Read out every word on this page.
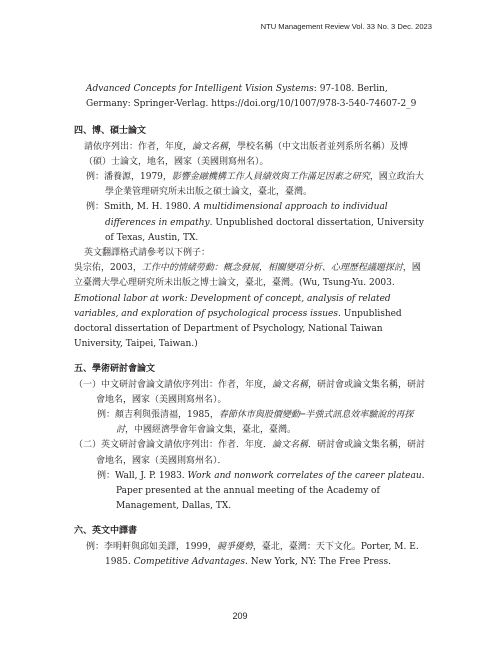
NTU Management Review Vol. 33 No. 3 Dec. 2023

Advanced Concepts for Intelligent Vision Systems: 97-108. Berlin, Germany: Springer-Verlag. https://doi.org/10/1007/978-3-540-74607-2_9

四、博、碩士論文

請依序列出：作者，年度，論文名稱，學校名稱（中文出版者並列系所名稱）及博（碩）士論文，地名，國家（美國則寫州名）。

例：潘養源，1979，影響金融機構工作人員績效與工作滿足因素之研究，國立政治大學企業管理研究所未出版之碩士論文，臺北，臺灣。

例：Smith, M. H. 1980. A multidimensional approach to individual differences in empathy. Unpublished doctoral dissertation, University of Texas, Austin, TX.

英文翻譯格式請參考以下例子：

吳宗佑，2003，工作中的情緒勞動：概念發展，相關變項分析、心理歷程議題探討，國立臺灣大學心理研究所未出版之博士論文，臺北，臺灣。(Wu, Tsung-Yu. 2003. Emotional labor at work: Development of concept, analysis of related variables, and exploration of psychological process issues. Unpublished doctoral dissertation of Department of Psychology, National Taiwan University, Taipei, Taiwan.)

五、學術研討會論文

（一）中文研討會論文請依序列出：作者，年度，論文名稱，研討會或論文集名稱，研討會地名，國家（美國則寫州名）。

例：顏吉利與張清福，1985，春節休市與股價變動─半強式訊息效率驗說的再探討，中國經濟學會年會論文集，臺北，臺灣。

（二）英文研討會論文請依序列出：作者．年度．論文名稱．研討會或論文集名稱，研討會地名，國家（美國則寫州名）．

例：Wall, J. P. 1983. Work and nonwork correlates of the career plateau. Paper presented at the annual meeting of the Academy of Management, Dallas, TX.

六、英文中譯書

例：李明軒與邱如美譯，1999，競爭優勢，臺北，臺灣：天下文化。Porter, M. E. 1985. Competitive Advantages. New York, NY: The Free Press.

209
